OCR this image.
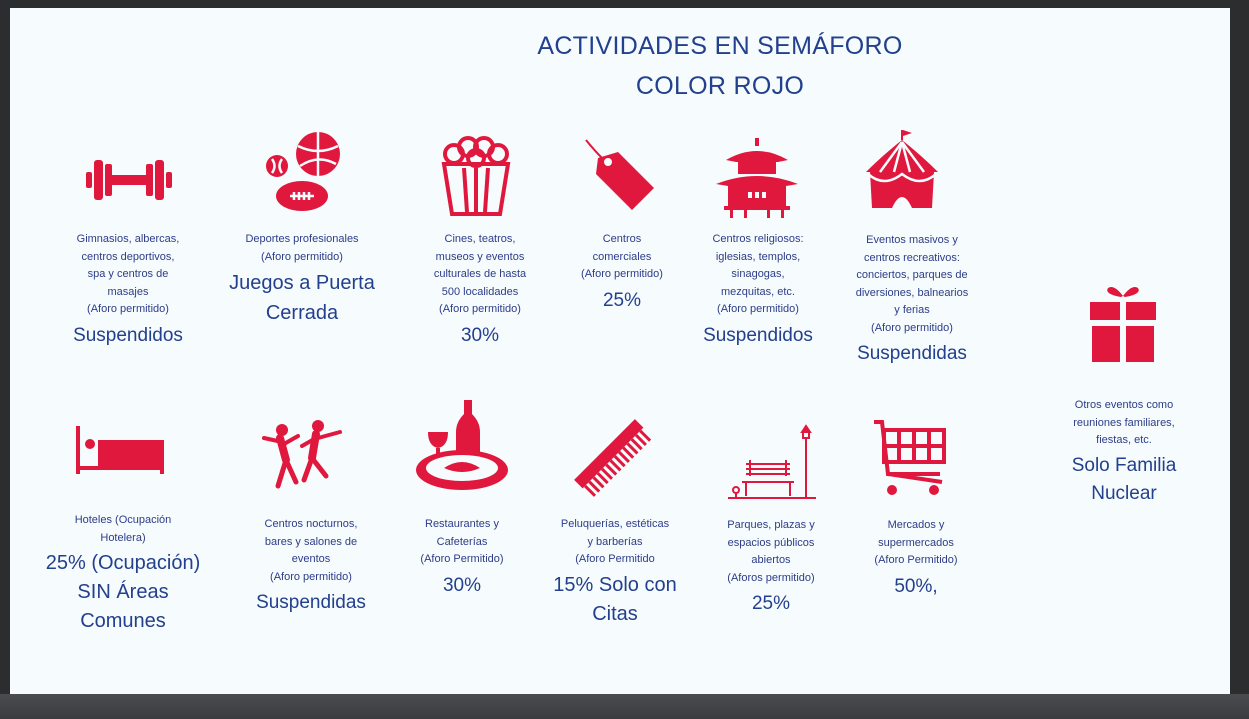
ACTIVIDADES EN SEMÁFORO
COLOR ROJO
Gimnasios, albercas,
centros deportivos,
spa y centros de
masajes
(Aforo permitido)
Suspendidos
Deportes profesionales
(Aforo permitido)
Juegos a Puerta
Cerrada
Cines, teatros,
museos y eventos
culturales de hasta
500 localidades
(Aforo permitido)
30%
Centros
comerciales
(Aforo permitido)
25%
Centros religiosos:
iglesias, templos,
sinagogas,
mezquitas, etc.
(Aforo permitido)
Suspendidos
Eventos masivos y
centros recreativos:
conciertos, parques de
diversiones, balnearios
y ferias
(Aforo permitido)
Suspendidas
Hoteles (Ocupación
Hotelera)
25% (Ocupación)
SIN Áreas
Comunes
Centros nocturnos,
bares y salones de
eventos
(Aforo permitido)
Suspendidas
Restaurantes y
Cafeterías
(Aforo Permitido)
30%
Peluquerías, estéticas
y barberías
(Aforo Permitido
15% Solo con
Citas
Parques, plazas y
espacios públicos
abiertos
(Aforos permitido)
25%
Mercados y
supermercados
(Aforo Permitido)
50%,
Otros eventos como
reuniones familiares,
fiestas, etc.
Solo Familia
Nuclear
